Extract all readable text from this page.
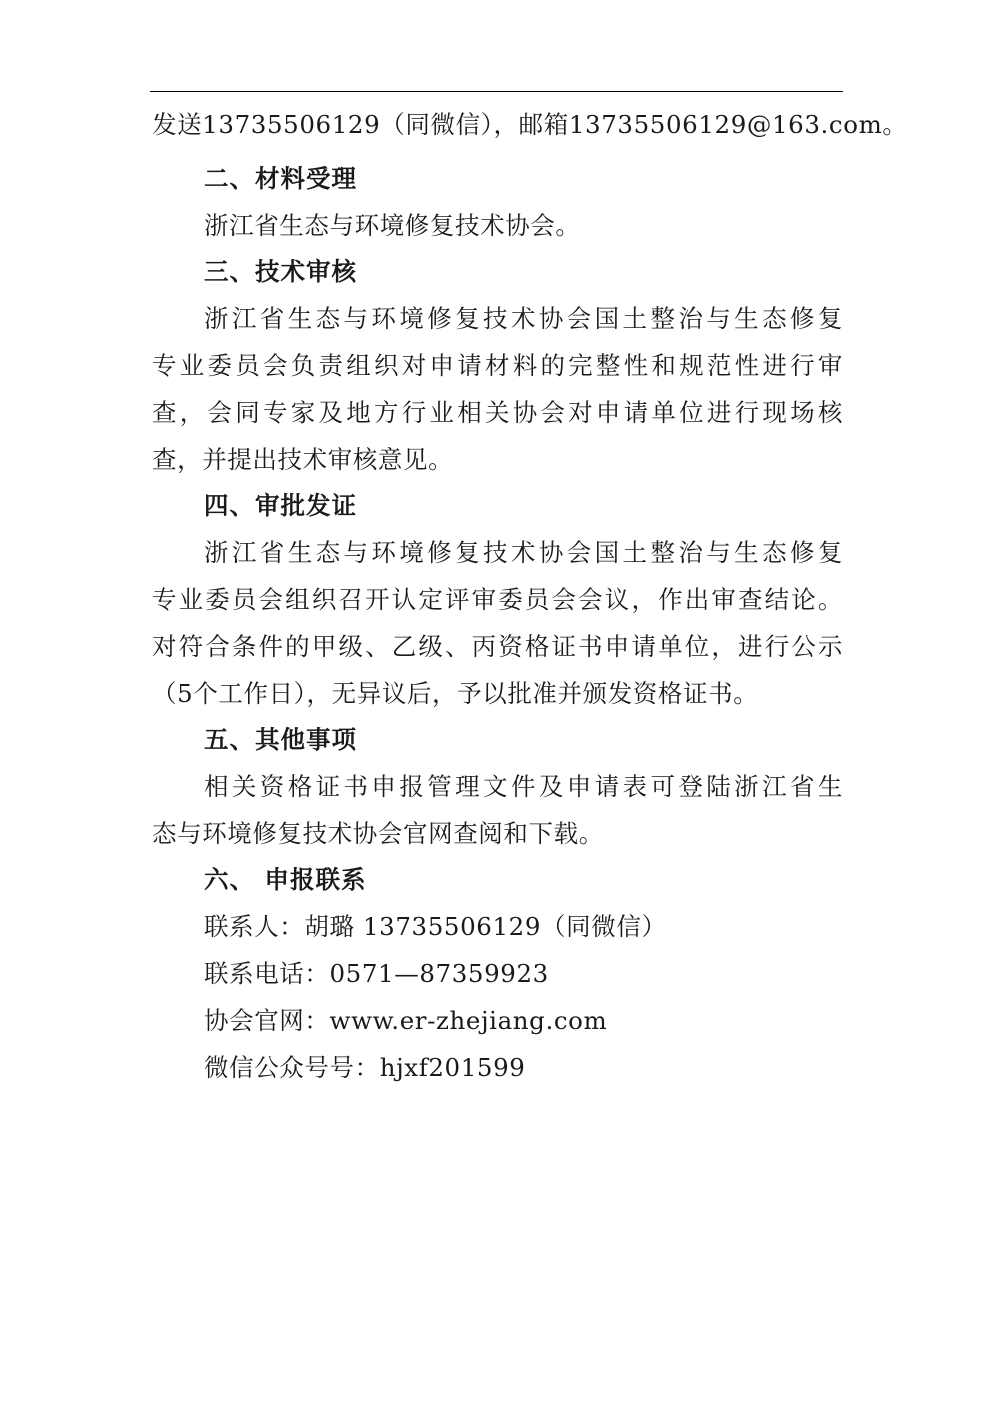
发送13735506129（同微信），邮箱13735506129@163.com。
二、材料受理
浙江省生态与环境修复技术协会。
三、技术审核
浙江省生态与环境修复技术协会国土整治与生态修复
专业委员会负责组织对申请材料的完整性和规范性进行审
查，会同专家及地方行业相关协会对申请单位进行现场核
查，并提出技术审核意见。
四、审批发证
浙江省生态与环境修复技术协会国土整治与生态修复
专业委员会组织召开认定评审委员会会议，作出审查结论。
对符合条件的甲级、乙级、丙资格证书申请单位，进行公示
（5个工作日），无异议后，予以批准并颁发资格证书。
五、其他事项
相关资格证书申报管理文件及申请表可登陆浙江省生
态与环境修复技术协会官网查阅和下载。
六、 申报联系
联系人：胡璐 13735506129（同微信）
联系电话：0571—87359923
协会官网：www.er-zhejiang.com
微信公众号号：hjxf201599
